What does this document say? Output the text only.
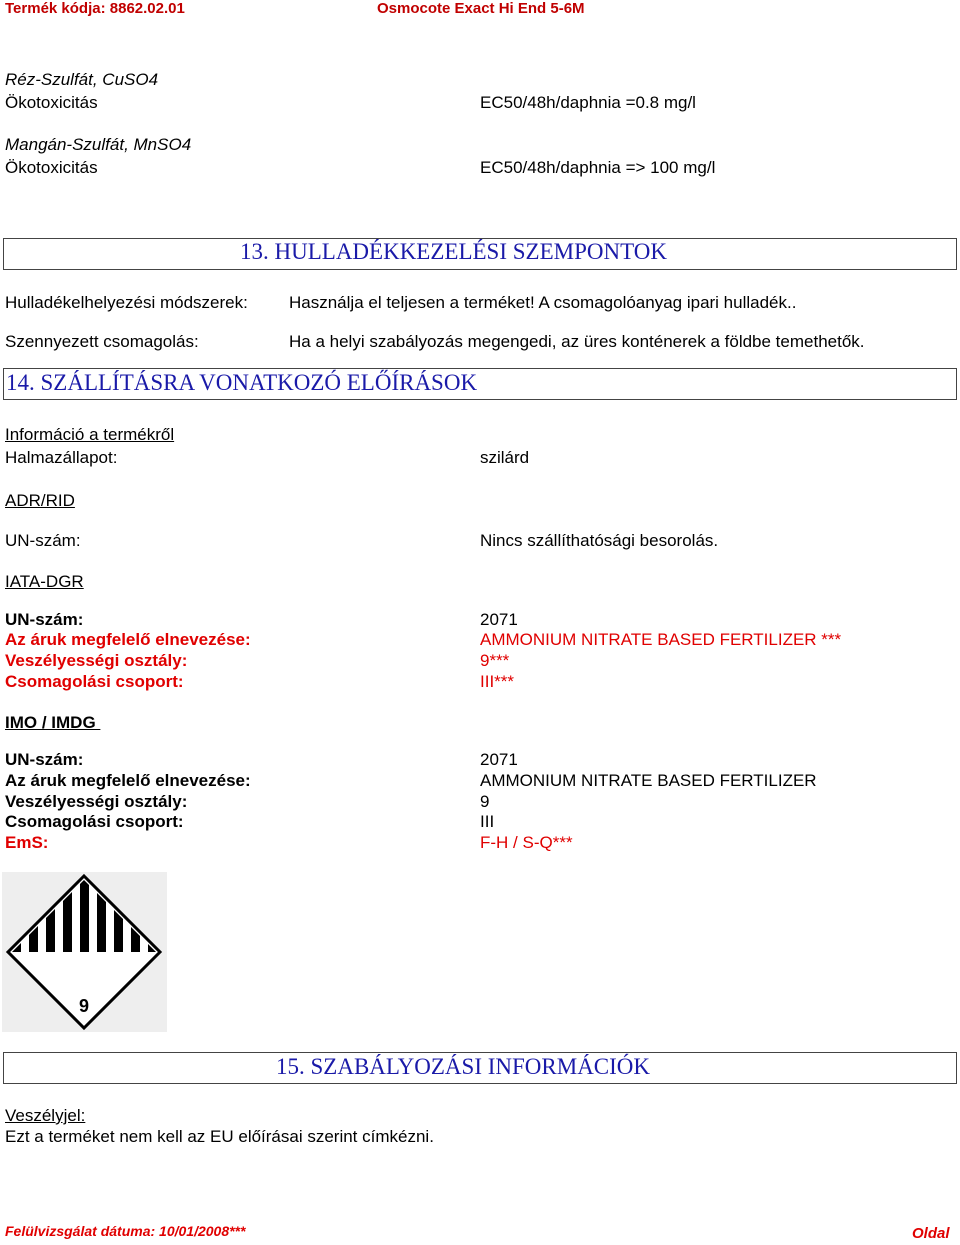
Termék kódja: 8862.02.01	Osmocote Exact Hi End 5-6M
Réz-Szulfát, CuSO4
Ökotoxicitás	EC50/48h/daphnia =0.8 mg/l
Mangán-Szulfát, MnSO4
Ökotoxicitás	EC50/48h/daphnia => 100 mg/l
13. HULLADÉKKEZELÉSI SZEMPONTOK
Hulladékelhelyezési módszerek: Használja el teljesen a terméket! A csomagolóanyag ipari hulladék..
Szennyezett csomagolás:	Ha a helyi szabályozás megengedi, az üres konténerek a földbe temethetők.
14. SZÁLLÍTÁSRA VONATKOZÓ ELŐÍRÁSOK
Információ a termékről
Halmazállapot:	szilárd
ADR/RID
UN-szám:	Nincs szállíthatósági besorolás.
IATA-DGR
UN-szám:	2071
Az áruk megfelelő elnevezése:	AMMONIUM NITRATE BASED FERTILIZER ***
Veszélyességi osztály:	9***
Csomagolási csoport:	III***
IMO / IMDG
UN-szám:	2071
Az áruk megfelelő elnevezése:	AMMONIUM NITRATE BASED FERTILIZER
Veszélyességi osztály:	9
Csomagolási csoport:	III
EmS:	F-H / S-Q***
9
15. SZABÁLYOZÁSI INFORMÁCIÓK
Veszélyjel:
Ezt a terméket nem kell az EU előírásai szerint címkézni.
Felülvizsgálat dátuma: 10/01/2008***	Oldal
